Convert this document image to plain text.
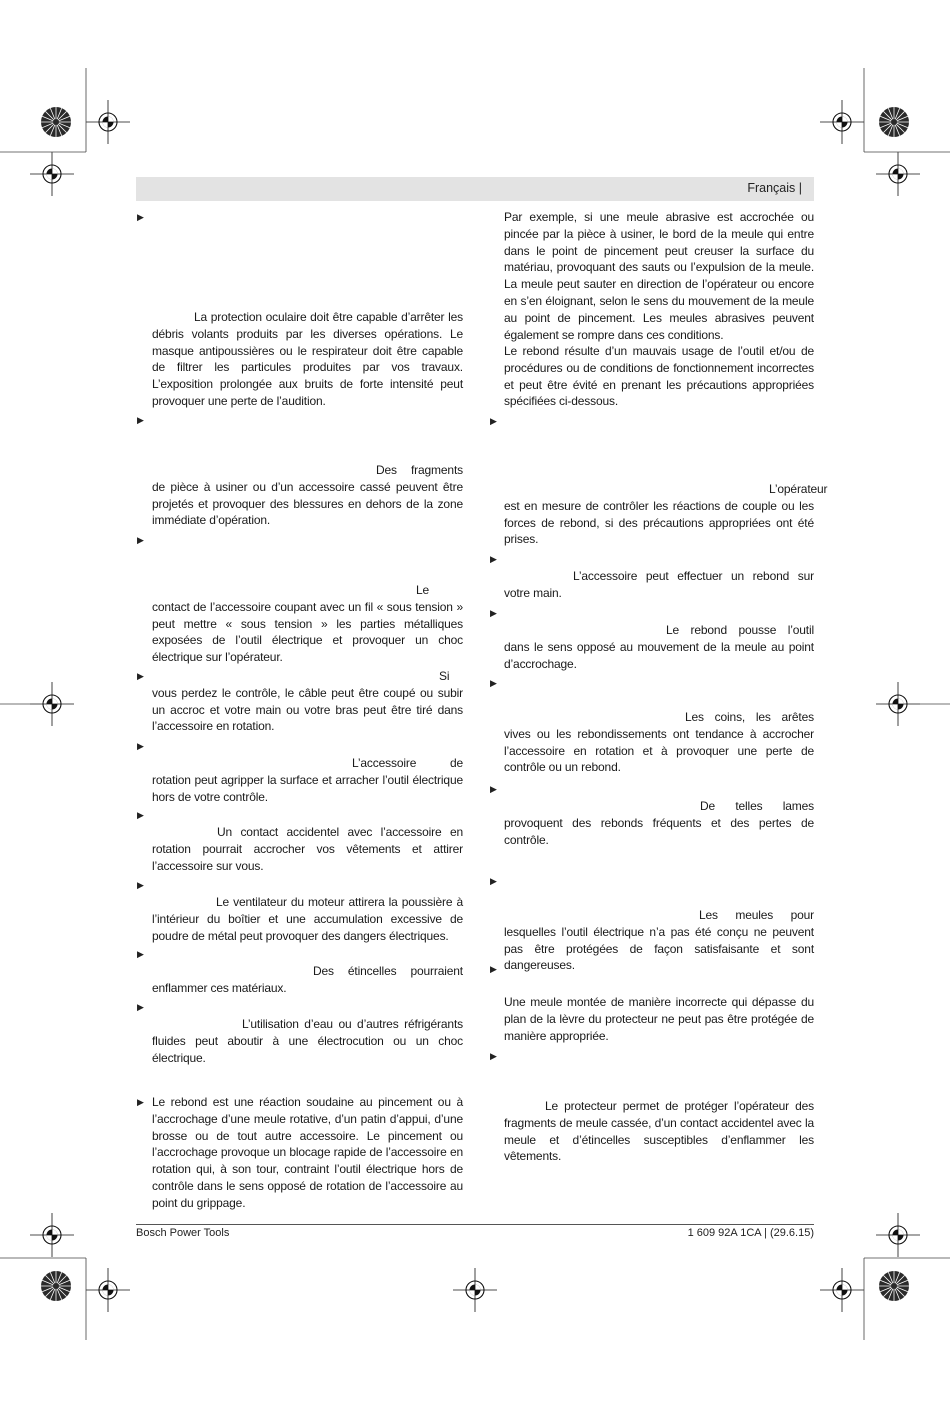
Français |
▶
La protection oculaire doit être capable d’arrêter les débris volants produits par les diverses opérations. Le masque antipoussières ou le respirateur doit être capable de filtrer les particules produites par vos travaux. L’exposition prolongée aux bruits de forte intensité peut provoquer une perte de l’audition.
▶
Des fragments de pièce à usiner ou d’un accessoire cassé peuvent être projetés et provoquer des blessures en dehors de la zone immédiate d’opération.
▶
Le contact de l’accessoire coupant avec un fil « sous tension » peut mettre « sous tension » les parties métalliques exposées de l’outil électrique et provoquer un choc électrique sur l’opérateur.
▶	Si vous perdez le contrôle, le câble peut être coupé ou subir un accroc et votre main ou votre bras peut être tiré dans l’accessoire en rotation.
▶
L’accessoire de rotation peut agripper la surface et arracher l’outil électrique hors de votre contrôle.
▶
Un contact accidentel avec l’accessoire en rotation pourrait accrocher vos vêtements et attirer l’accessoire sur vous.
▶
Le ventilateur du moteur attirera la poussière à l’intérieur du boîtier et une accumulation excessive de poudre de métal peut provoquer des dangers électriques.
▶
Des étincelles pourraient enflammer ces matériaux.
▶
L’utilisation d’eau ou d’autres réfrigérants fluides peut aboutir à une électrocution ou un choc électrique.
▶ Le rebond est une réaction soudaine au pincement ou à l’accrochage d’une meule rotative, d’un patin d’appui, d’une brosse ou de tout autre accessoire. Le pincement ou l’accrochage provoque un blocage rapide de l’accessoire en rotation qui, à son tour, contraint l’outil électrique hors de contrôle dans le sens opposé de rotation de l’accessoire au point du grippage.
Par exemple, si une meule abrasive est accrochée ou pincée par la pièce à usiner, le bord de la meule qui entre dans le point de pincement peut creuser la surface du matériau, provoquant des sauts ou l’expulsion de la meule. La meule peut sauter en direction de l’opérateur ou encore en s’en éloignant, selon le sens du mouvement de la meule au point de pincement. Les meules abrasives peuvent également se rompre dans ces conditions.
Le rebond résulte d’un mauvais usage de l’outil et/ou de procédures ou de conditions de fonctionnement incorrectes et peut être évité en prenant les précautions appropriées spécifiées ci-dessous.
▶
L’opérateur est en mesure de contrôler les réactions de couple ou les forces de rebond, si des précautions appropriées ont été prises.
▶
L’accessoire peut effectuer un rebond sur votre main.
▶
Le rebond pousse l’outil dans le sens opposé au mouvement de la meule au point d’accrochage.
▶
Les coins, les arêtes vives ou les rebondissements ont tendance à accrocher l’accessoire en rotation et à provoquer une perte de contrôle ou un rebond.
▶
De telles lames provoquent des rebonds fréquents et des pertes de contrôle.
▶
Les meules pour lesquelles l’outil électrique n’a pas été conçu ne peuvent pas être protégées de façon satisfaisante et sont dangereuses.
▶
Une meule montée de manière incorrecte qui dépasse du plan de la lèvre du protecteur ne peut pas être protégée de manière appropriée.
▶
Le protecteur permet de protéger l’opérateur des fragments de meule cassée, d’un contact accidentel avec la meule et d’étincelles susceptibles d’enflammer les vêtements.
Bosch Power Tools	1 609 92A 1CA | (29.6.15)
